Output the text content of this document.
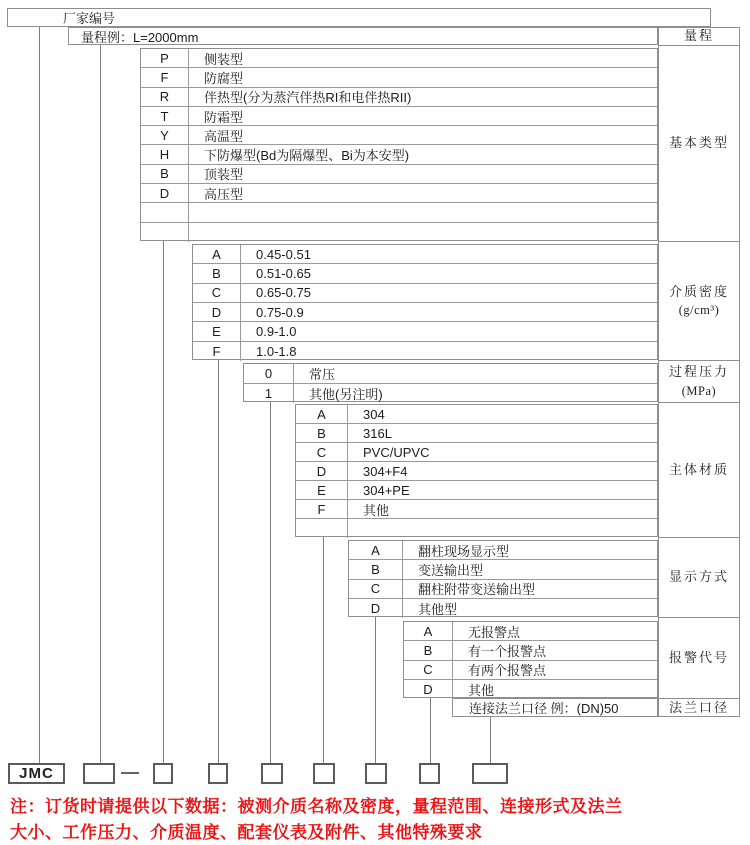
厂家编号
量程例：L=2000mm
P	侧装型
F	防腐型
R	伴热型(分为蒸汽伴热RI和电伴热RII)
T	防霜型
Y	高温型
H	下防爆型(Bd为隔爆型、Bi为本安型)
B	顶装型
D	高压型
A	0.45-0.51
B	0.51-0.65
C	0.65-0.75
D	0.75-0.9
E	0.9-1.0
F	1.0-1.8
0	常压
1	其他(另注明)
A	304
B	316L
C	PVC/UPVC
D	304+F4
E	304+PE
F	其他
A	翻柱现场显示型
B	变送输出型
C	翻柱附带变送输出型
D	其他型
A	无报警点
B	有一个报警点
C	有两个报警点
D	其他
连接法兰口径 例：(DN)50
量程
基本类型
介质密度
(g/cm³)
过程压力
(MPa)
主体材质
显示方式
报警代号
法兰口径
JMC
注：订货时请提供以下数据：被测介质名称及密度，量程范围、连接形式及法兰
大小、工作压力、介质温度、配套仪表及附件、其他特殊要求
